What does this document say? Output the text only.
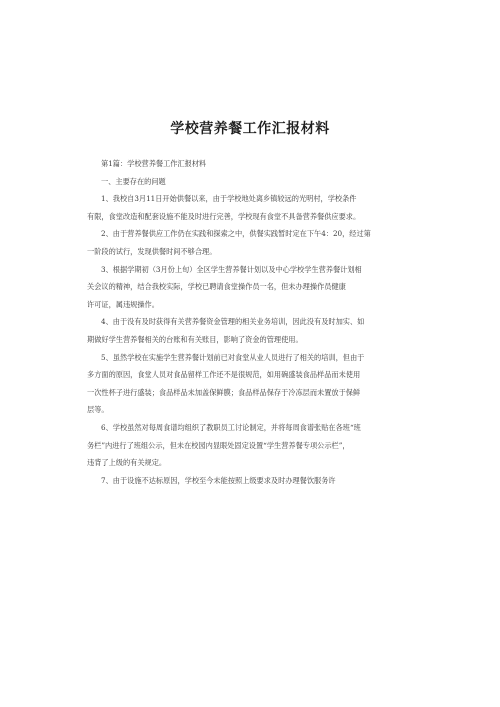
学校营养餐工作汇报材料

第1篇：学校营养餐工作汇报材料

一、主要存在的问题

1、我校自3月11日开始供餐以来，由于学校地处离乡镇较远的光明村，学校条件

有限，食堂改造和配套设施不能及时进行完善，学校现有食堂不具备营养餐供应要求。

2、由于营养餐供应工作仍在实践和探索之中，供餐实践暂时定在下午4：20，经过第

一阶段的试行，发现供餐时间不够合理。

3、根据学期初（3月份上旬）全区学生营养餐计划以及中心学校学生营养餐计划相

关会议的精神，结合我校实际，学校已聘请食堂操作员一名，但未办理操作员健康

许可证，属违规操作。

4、由于没有及时获得有关营养餐资金管理的相关业务培训，因此没有及时加实、如

期做好学生营养餐相关的台账和有关账目，影响了资金的管理使用。

5、虽然学校在实施学生营养餐计划前已对食堂从业人员进行了相关的培训，但由于

多方面的原因，食堂人员对食品留样工作还不是很规范，如用碗盛装食品样品而未使用

一次性杯子进行盛装；食品样品未加盖保鲜膜；食品样品保存于冷冻层而未置放于保鲜

层等。

6、学校虽然对每周食谱均组织了教职员工讨论制定，并将每周食谱张贴在各班“班

务栏”内进行了班组公示，但未在校园内显眼处固定设置“学生营养餐专项公示栏”，

违背了上级的有关规定。

7、由于设施不达标原因，学校至今未能按照上级要求及时办理餐饮服务许
